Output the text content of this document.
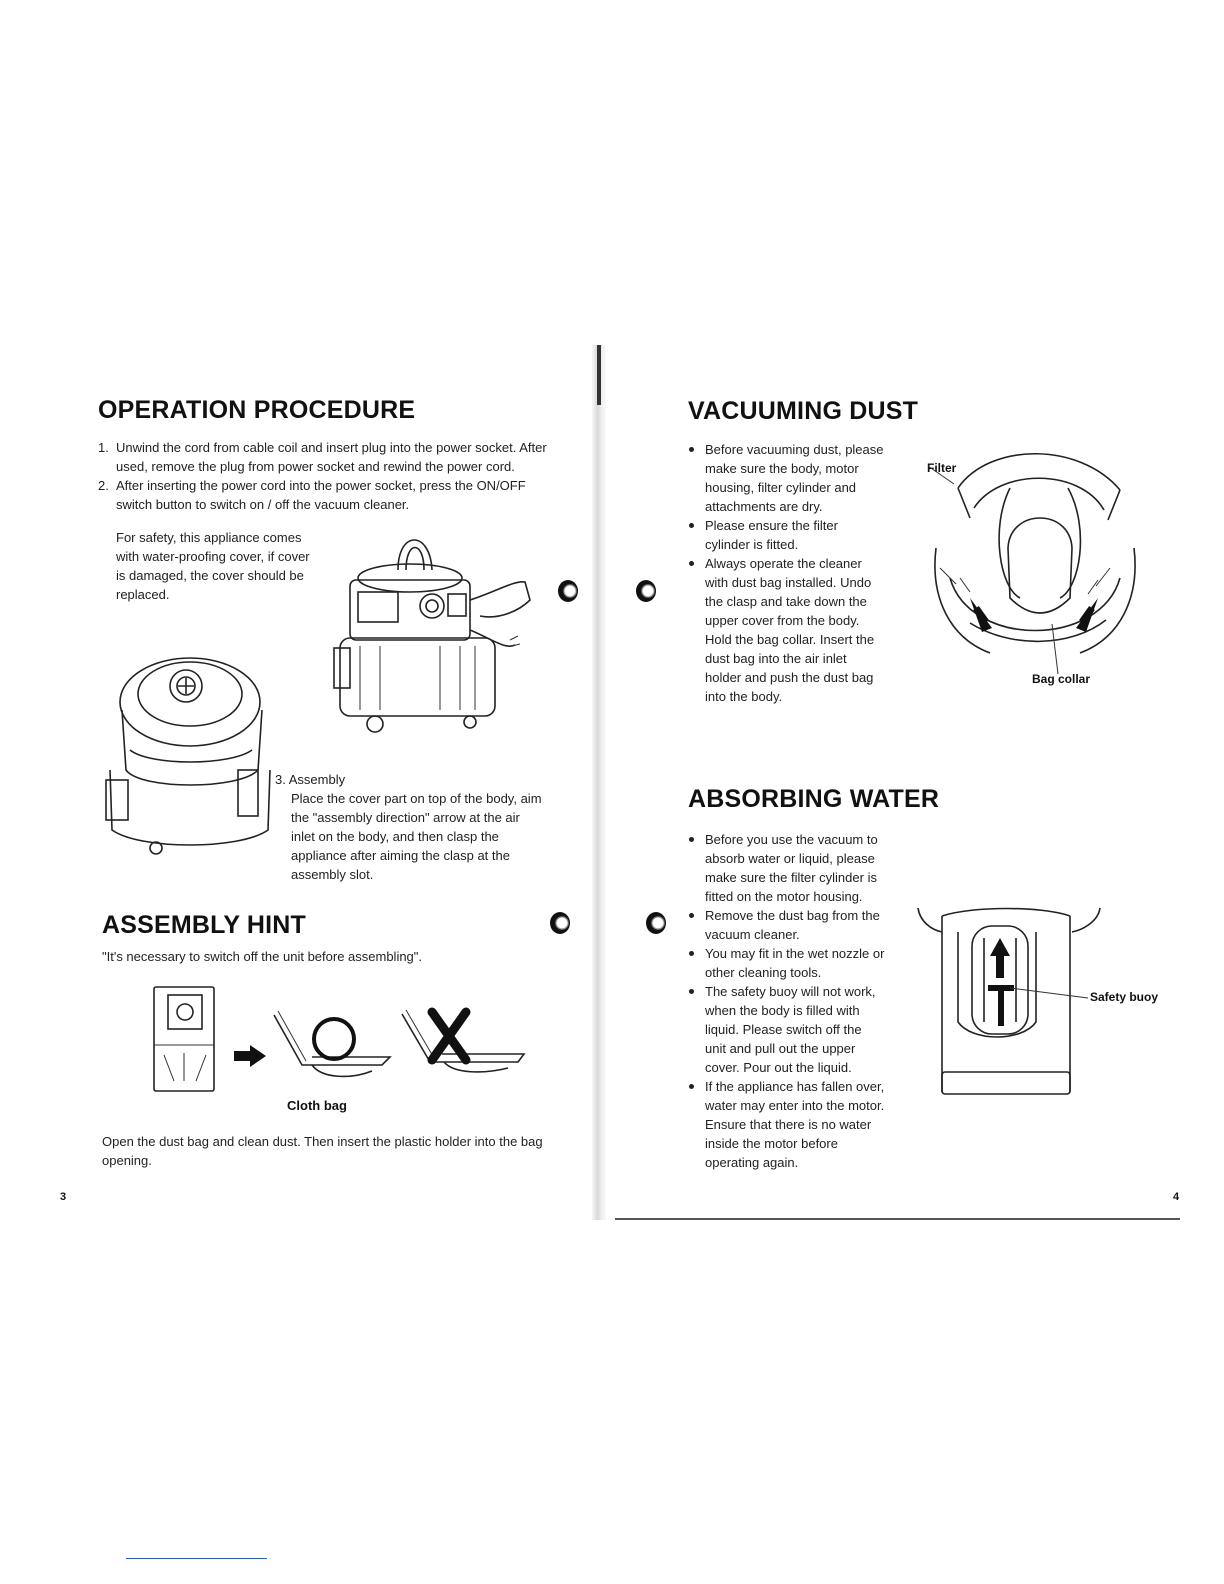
OPERATION PROCEDURE
1. Unwind the cord from cable coil and insert plug into the power socket. After used, remove the plug from power socket and rewind the power cord.
2. After inserting the power cord into the power socket, press the ON/OFF switch button to switch on / off the vacuum cleaner.

For safety, this appliance comes with water-proofing cover, if cover is damaged, the cover should be replaced.

3. Assembly
Place the cover part on top of the body, aim the "assembly direction" arrow at the air inlet on the body, and then clasp the appliance after aiming the clasp at the assembly slot.
ASSEMBLY HINT

"It's necessary to switch off the unit before assembling".

Cloth bag

Open the dust bag and clean dust. Then insert the plastic holder into the bag opening.

3
VACUUMING DUST
Before vacuuming dust, please make sure the body, motor housing, filter cylinder and attachments are dry.
Please ensure the filter cylinder is fitted.
Always operate the cleaner with dust bag installed. Undo the clasp and take down the upper cover from the body. Hold the bag collar. Insert the dust bag into the air inlet holder and push the dust bag into the body.
Filter
Bag collar
ABSORBING WATER
Before you use the vacuum to absorb water or liquid, please make sure the filter cylinder is fitted on the motor housing.
Remove the dust bag from the vacuum cleaner.
You may fit in the wet nozzle or other cleaning tools.
The safety buoy will not work, when the body is filled with liquid. Please switch off the unit and pull out the upper cover. Pour out the liquid.
If the appliance has fallen over, water may enter into the motor. Ensure that there is no water inside the motor before operating again.
Safety buoy
4
